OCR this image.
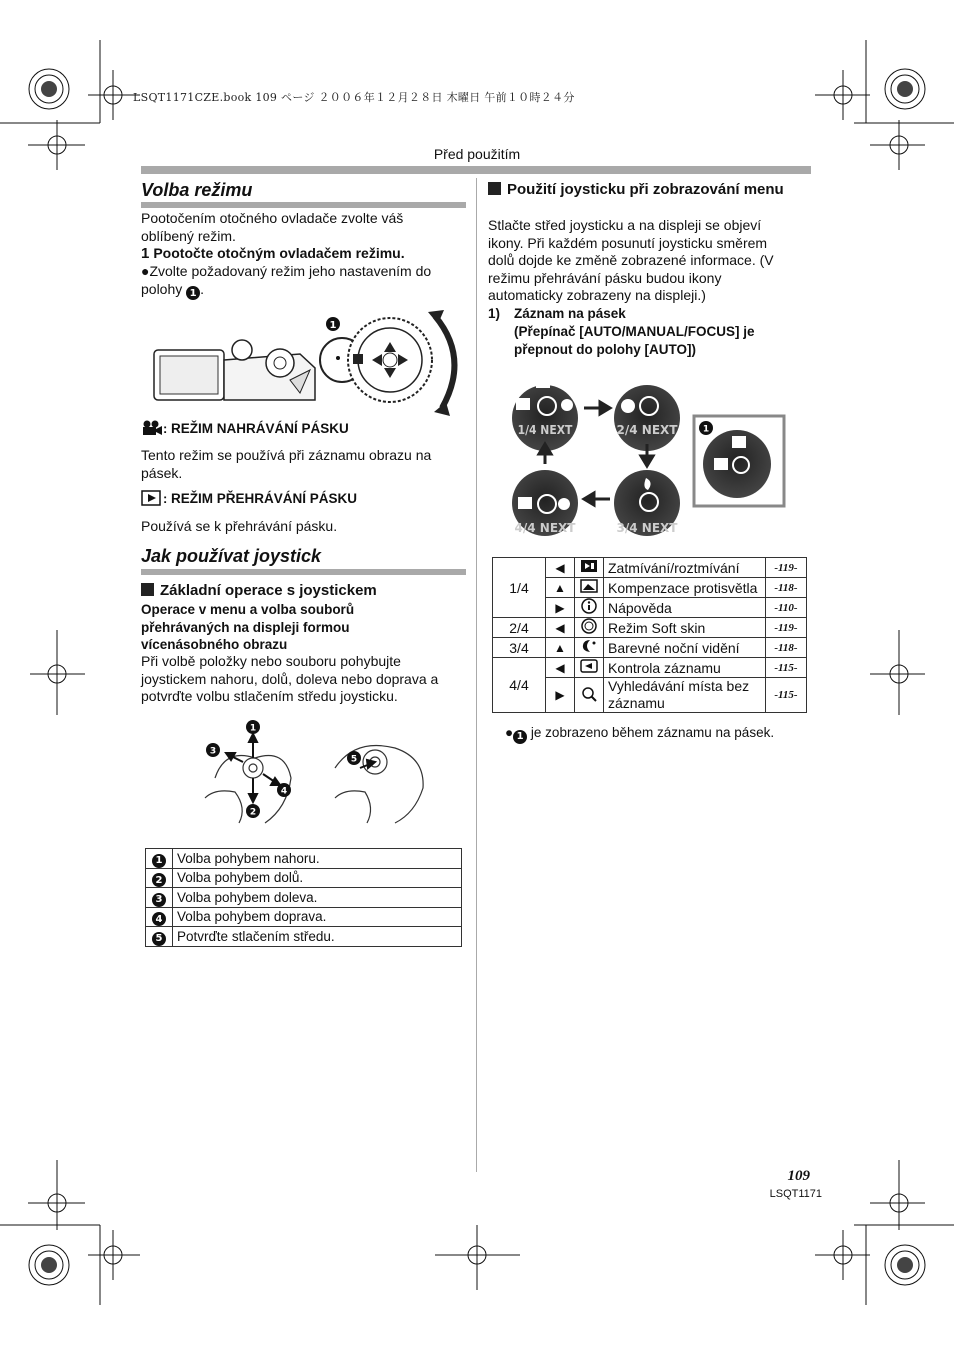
LSQT1171CZE.book 109 ページ ２００６年１２月２８日 木曜日 午前１０時２４分
Před použitím
Volba režimu
Pootočením otočného ovladače zvolte váš oblíbený režim.
1 Pootočte otočným ovladačem režimu.
●Zvolte požadovaný režim jeho nastavením do polohy 1 .
1
: REŽIM NAHRÁVÁNÍ PÁSKU
Tento režim se používá při záznamu obrazu na pásek.
: REŽIM PŘEHRÁVÁNÍ PÁSKU
Používá se k přehrávání pásku.
Jak používat joystick
Základní operace s joystickem
Operace v menu a volba souborů přehrávaných na displeji formou vícenásobného obrazu
Při volbě položky nebo souboru pohybujte joystickem nahoru, dolů, doleva nebo doprava a potvrďte volbu stlačením středu joysticku.
1
2
3
4
5
1	Volba pohybem nahoru.
2	Volba pohybem dolů.
3	Volba pohybem doleva.
4	Volba pohybem doprava.
5	Potvrďte stlačením středu.
Použití joysticku při zobrazování menu
Stlačte střed joysticku a na displeji se objeví ikony. Při každém posunutí joysticku směrem dolů dojde ke změně zobrazené informace. (V režimu přehrávání pásku budou ikony automaticky zobrazeny na displeji.)
1) Záznam na pásek
(Přepínač [AUTO/MANUAL/FOCUS] je přepnout do polohy [AUTO])
1/4 NEXT	2/4 NEXT
3/4 NEXT
4/4 NEXT
1
1/4	◀		Zatmívání/roztmívání	-119-
	▲		Kompenzace protisvětla	-118-
	▶		Nápověda	-110-
2/4	◀		Režim Soft skin	-119-
3/4	▲		Barevné noční vidění	-118-
4/4	◀		Kontrola záznamu	-115-
	▶		Vyhledávání místa bez záznamu	-115-
● 1 je zobrazeno během záznamu na pásek.
109
LSQT1171
